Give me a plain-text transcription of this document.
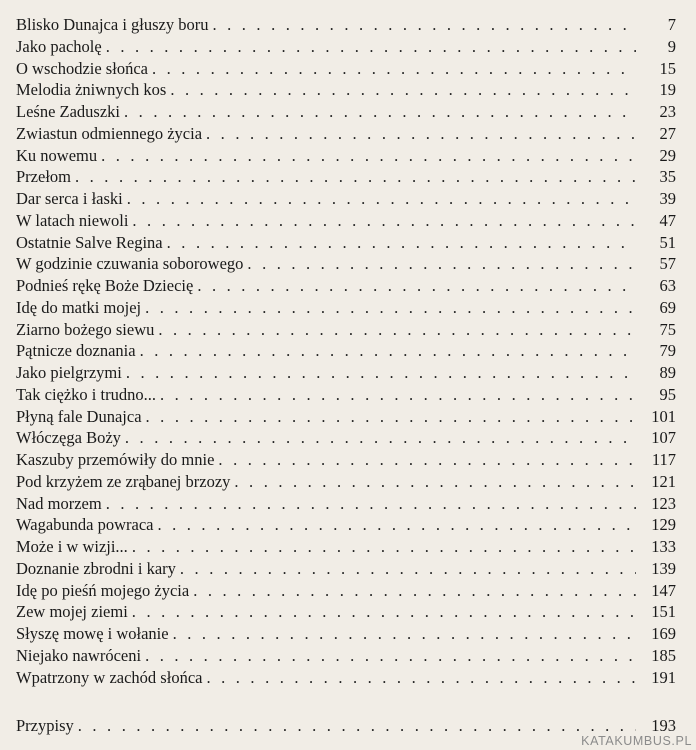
Blisko Dunajca i głuszy boru . . .	7
Jako pacholę . . .	9
O wschodzie słońca . . .	15
Melodia żniwnych kos . . .	19
Leśne Zaduszki . . .	23
Zwiastun odmiennego życia . . .	27
Ku nowemu . . .	29
Przełom . . .	35
Dar serca i łaski . . .	39
W latach niewoli . . .	47
Ostatnie Salve Regina . . .	51
W godzinie czuwania soborowego . . .	57
Podnieś rękę Boże Dziecię . . .	63
Idę do matki mojej . . .	69
Ziarno bożego siewu . . .	75
Pątnicze doznania . . .	79
Jako pielgrzymi . . .	89
Tak ciężko i trudno... . . .	95
Płyną fale Dunajca . . .	101
Włóczęga Boży . . .	107
Kaszuby przemówiły do mnie . . .	117
Pod krzyżem ze zrąbanej brzozy . . .	121
Nad morzem . . .	123
Wagabunda powraca . . .	129
Może i w wizji... . . .	133
Doznanie zbrodni i kary . . .	139
Idę po pieśń mojego życia . . .	147
Zew mojej ziemi . . .	151
Słyszę mowę i wołanie . . .	169
Niejako nawróceni . . .	185
Wpatrzony w zachód słońca . . .	191
Przypisy . . .	193
KATAKUMBUS.PL
